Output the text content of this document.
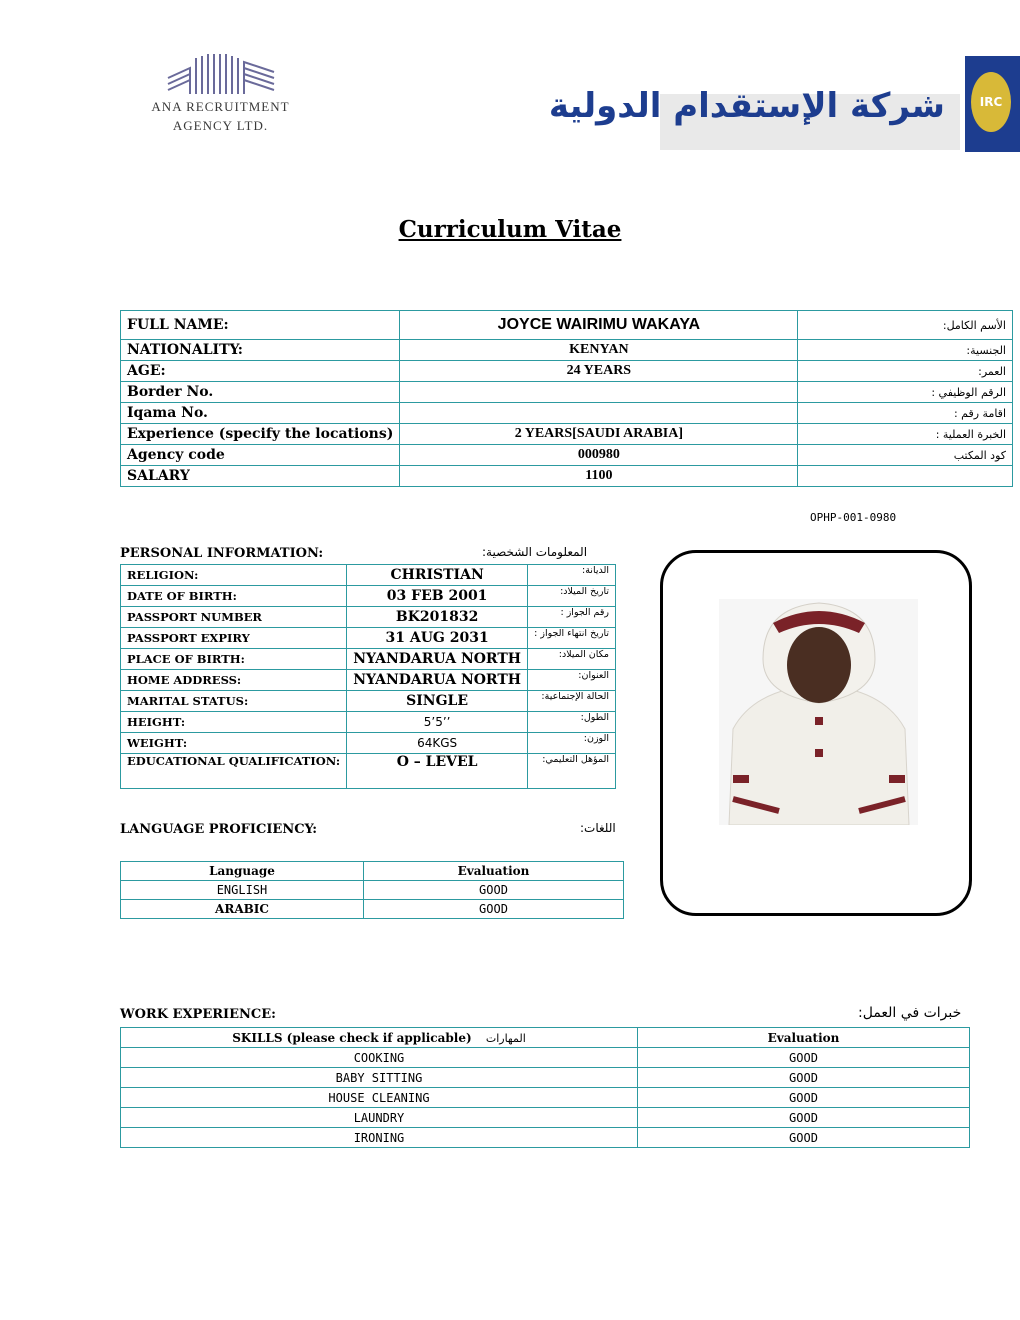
ANA RECRUITMENT
AGENCY LTD.	شركة الإستقدام الدولية	IRC
Curriculum Vitae
FULL NAME:	JOYCE WAIRIMU WAKAYA	الأسم الكامل:
NATIONALITY:	KENYAN	الجنسية:
AGE:	24 YEARS	العمر:
Border No.		الرقم الوظيفي :
Iqama No.		اقامة رقم :
Experience (specify the locations)	2 YEARS[SAUDI ARABIA]	الخبرة العملية :
Agency code	000980	كود المكتب
SALARY	1100	
OPHP-001-0980
PERSONAL INFORMATION:	المعلومات الشخصية:
RELIGION:	CHRISTIAN	الديانة:
DATE OF BIRTH:	03 FEB 2001	تاريخ الميلاد:
PASSPORT NUMBER	BK201832	رقم الجواز :
PASSPORT EXPIRY	31 AUG 2031	تاريخ انتهاء الجواز :
PLACE OF BIRTH:	NYANDARUA NORTH	مكان الميلاد:
HOME ADDRESS:	NYANDARUA NORTH	العنوان:
MARITAL STATUS:	SINGLE	الحالة الإجتماعية:
HEIGHT:	5’5’’	الطول:
WEIGHT:	64KGS	الوزن:
EDUCATIONAL QUALIFICATION:	O – LEVEL	المؤهل التعليمي:
LANGUAGE PROFICIENCY:	اللغات:
Language	Evaluation
ENGLISH	GOOD
ARABIC	GOOD
WORK EXPERIENCE:	خبرات في العمل:
SKILLS (please check if applicable) المهارات	Evaluation
COOKING	GOOD
BABY SITTING	GOOD
HOUSE CLEANING	GOOD
LAUNDRY	GOOD
IRONING	GOOD
